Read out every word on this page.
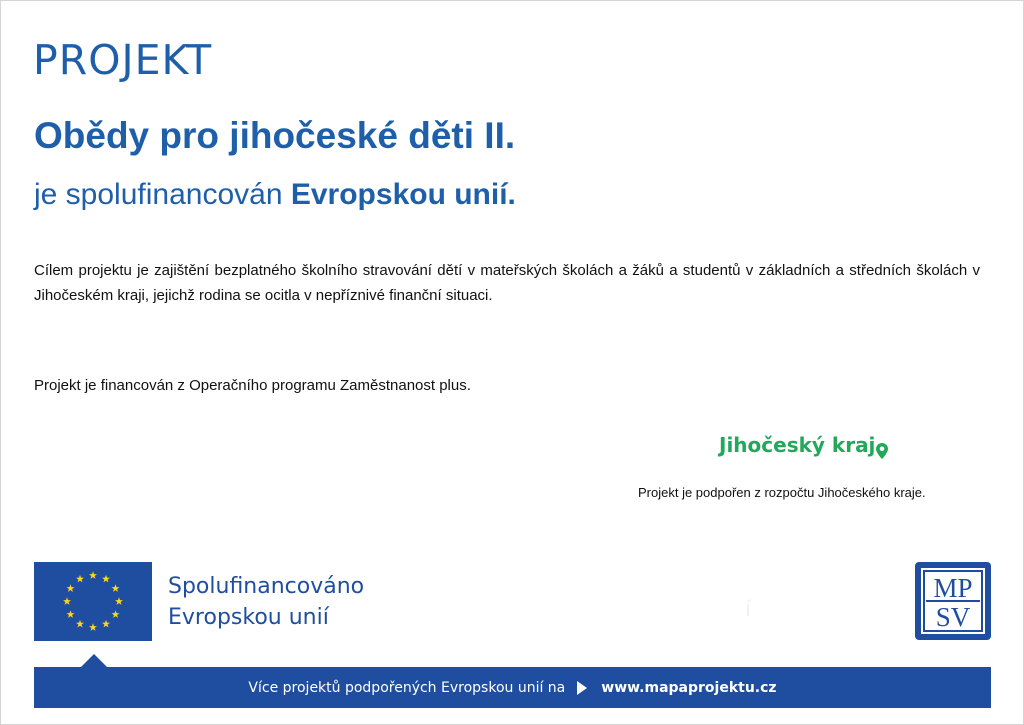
PROJEKT
Obědy pro jihočeské děti II.
je spolufinancován Evropskou unií.

Cílem projektu je zajištění bezplatného školního stravování dětí v mateřských školách a žáků a studentů v základních a středních školách v Jihočeském kraji, jejichž rodina se ocitla v nepříznivé finanční situaci.

Projekt je financován z Operačního programu Zaměstnanost plus.

Jihočeský kraj
Projekt je podpořen z rozpočtu Jihočeského kraje.
Spolufinancováno
Evropskou unií	í
MP
SV
Více projektů podpořených Evropskou unií na	www.mapaprojektu.cz
